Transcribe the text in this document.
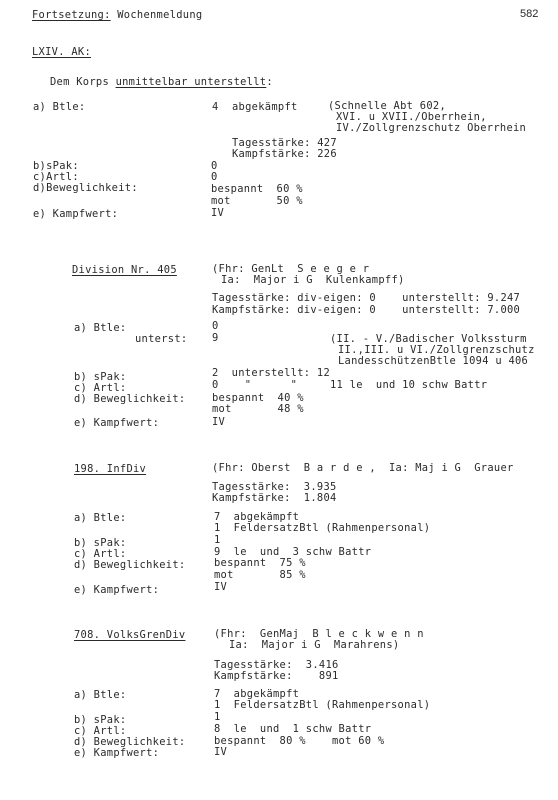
Fortsetzung: Wochenmeldung	582
LXIV. AK:
Dem Korps unmittelbar unterstellt:
a) Btle:	4 abgekämpft	(Schnelle Abt 602,
XVI. u XVII./Oberrhein,
IV./Zollgrenzschutz Oberrhein
Tagesstärke: 427
Kampfstärke: 226
b)sPak:	0
c)Artl:	0
d)Beweglichkeit:	bespannt  60 %
mot       50 %
e) Kampfwert:	IV
Division Nr. 405	(Fhr: GenLt  S e e g e r
Ia:  Major i G  Kulenkampff)
Tagesstärke: div-eigen: 0    unterstellt: 9.247
Kampfstärke: div-eigen: 0    unterstellt: 7.000
a) Btle:	0
unterst: 9	(II. - V./Badischer Volkssturm
II.,III. u VI./Zollgrenzschutz
LandesschützenBtle 1094 u 406
b) sPak:	2  unterstellt: 12
c) Artl:	0    "      "     11 le  und 10 schw Battr
d) Beweglichkeit:	bespannt  40 %
mot       48 %
e) Kampfwert:	IV
198. InfDiv	(Fhr: Oberst  B a r d e ,  Ia: Maj i G  Grauer
Tagesstärke:  3.935
Kampfstärke:  1.804
a) Btle:	7  abgekämpft
1  FeldersatzBtl (Rahmenpersonal)
b) sPak:	1
c) Artl:	9  le  und  3 schw Battr
d) Beweglichkeit:	bespannt  75 %
mot       85 %
e) Kampfwert:	IV
708. VolksGrenDiv	(Fhr:  GenMaj  B l e c k w e n n
Ia:  Major i G  Marahrens)
Tagesstärke:  3.416
Kampfstärke:    891
a) Btle:	7  abgekämpft
1  FeldersatzBtl (Rahmenpersonal)
b) sPak:	1
c) Artl:	8  le  und  1 schw Battr
d) Beweglichkeit:	bespannt  80 %    mot 60 %
e) Kampfwert:	IV
